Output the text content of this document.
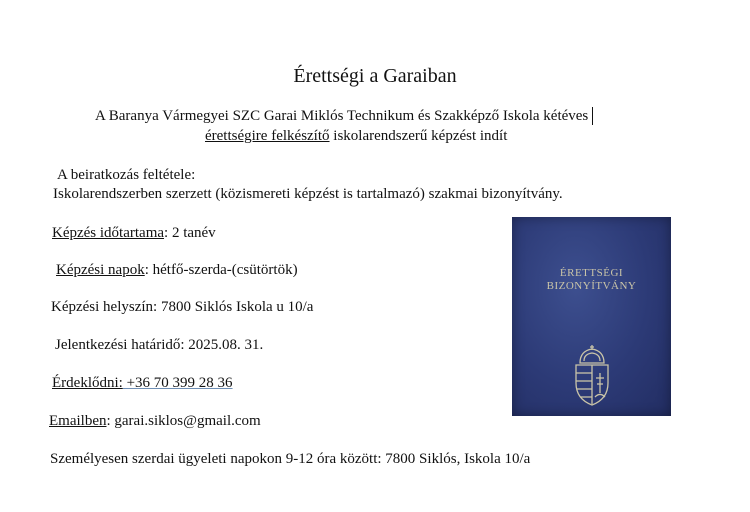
Érettségi a Garaiban
A Baranya Vármegyei SZC Garai Miklós Technikum és Szakképző Iskola kétéves
érettségire felkészítő iskolarendszerű képzést indít
A beiratkozás feltétele:
Iskolarendszerben szerzett (közismereti képzést is tartalmazó) szakmai bizonyítvány.
Képzés időtartama: 2 tanév
Képzési napok: hétfő-szerda-(csütörtök)
Képzési helyszín: 7800 Siklós Iskola u 10/a
Jelentkezési határidő: 2025.08. 31.
Érdeklődni: +36 70 399 28 36
Emailben: garai.siklos@gmail.com
Személyesen szerdai ügyeleti napokon 9-12 óra között: 7800 Siklós, Iskola 10/a
ÉRETTSÉGI
BIZONYÍTVÁNY
